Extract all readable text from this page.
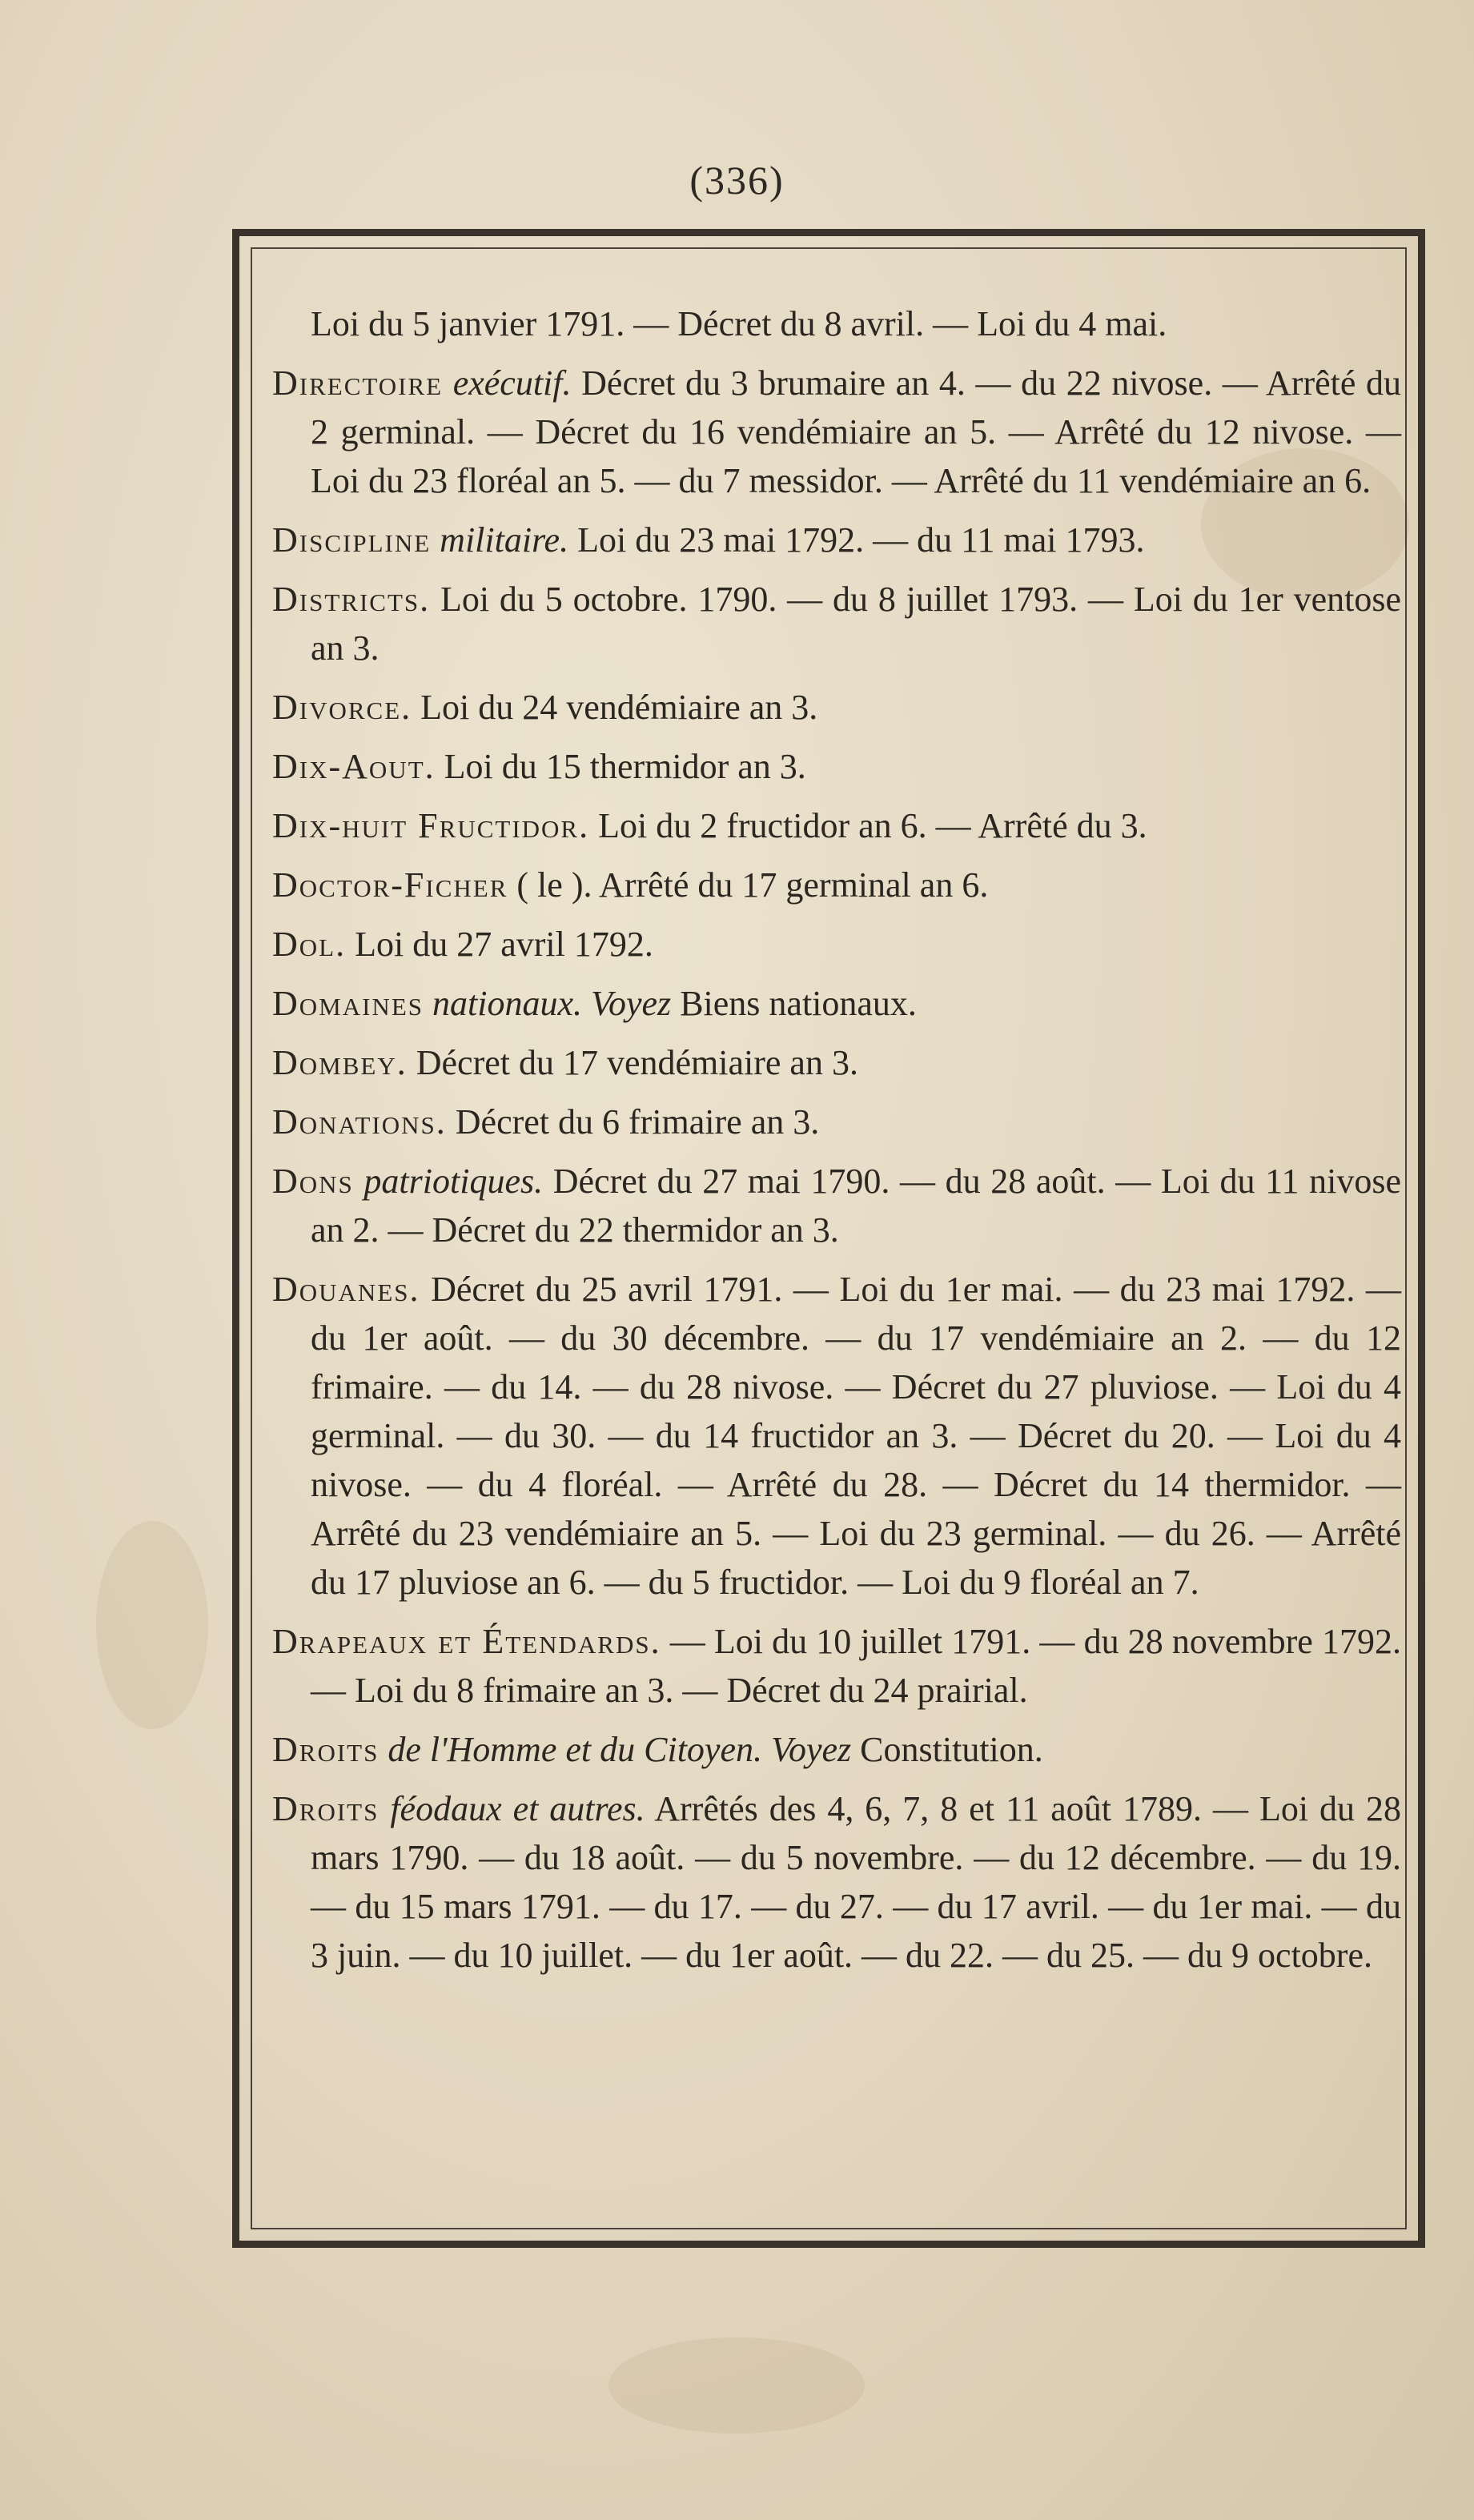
(336)
Loi du 5 janvier 1791. — Décret du 8 avril. — Loi du 4 mai.
Directoire exécutif. Décret du 3 brumaire an 4. — du 22 nivose. — Arrêté du 2 germinal. — Décret du 16 vendémiaire an 5. — Arrêté du 12 nivose. — Loi du 23 floréal an 5. — du 7 messidor. — Arrêté du 11 vendémiaire an 6.
Discipline militaire. Loi du 23 mai 1792. — du 11 mai 1793.
Districts. Loi du 5 octobre. 1790. — du 8 juillet 1793. — Loi du 1er ventose an 3.
Divorce. Loi du 24 vendémiaire an 3.
Dix-Aout. Loi du 15 thermidor an 3.
Dix-huit Fructidor. Loi du 2 fructidor an 6. — Arrêté du 3.
Doctor-Ficher ( le ). Arrêté du 17 germinal an 6.
Dol. Loi du 27 avril 1792.
Domaines nationaux. Voyez Biens nationaux.
Dombey. Décret du 17 vendémiaire an 3.
Donations. Décret du 6 frimaire an 3.
Dons patriotiques. Décret du 27 mai 1790. — du 28 août. — Loi du 11 nivose an 2. — Décret du 22 thermidor an 3.
Douanes. Décret du 25 avril 1791. — Loi du 1er mai. — du 23 mai 1792. — du 1er août. — du 30 décembre. — du 17 vendémiaire an 2. — du 12 frimaire. — du 14. — du 28 nivose. — Décret du 27 pluviose. — Loi du 4 germinal. — du 30. — du 14 fructidor an 3. — Décret du 20. — Loi du 4 nivose. — du 4 floréal. — Arrêté du 28. — Décret du 14 thermidor. — Arrêté du 23 vendémiaire an 5. — Loi du 23 germinal. — du 26. — Arrêté du 17 pluviose an 6. — du 5 fructidor. — Loi du 9 floréal an 7.
Drapeaux et Étendards. — Loi du 10 juillet 1791. — du 28 novembre 1792. — Loi du 8 frimaire an 3. — Décret du 24 prairial.
Droits de l'Homme et du Citoyen. Voyez Constitution.
Droits féodaux et autres. Arrêtés des 4, 6, 7, 8 et 11 août 1789. — Loi du 28 mars 1790. — du 18 août. — du 5 novembre. — du 12 décembre. — du 19. — du 15 mars 1791. — du 17. — du 27. — du 17 avril. — du 1er mai. — du 3 juin. — du 10 juillet. — du 1er août. — du 22. — du 25. — du 9 octobre.
